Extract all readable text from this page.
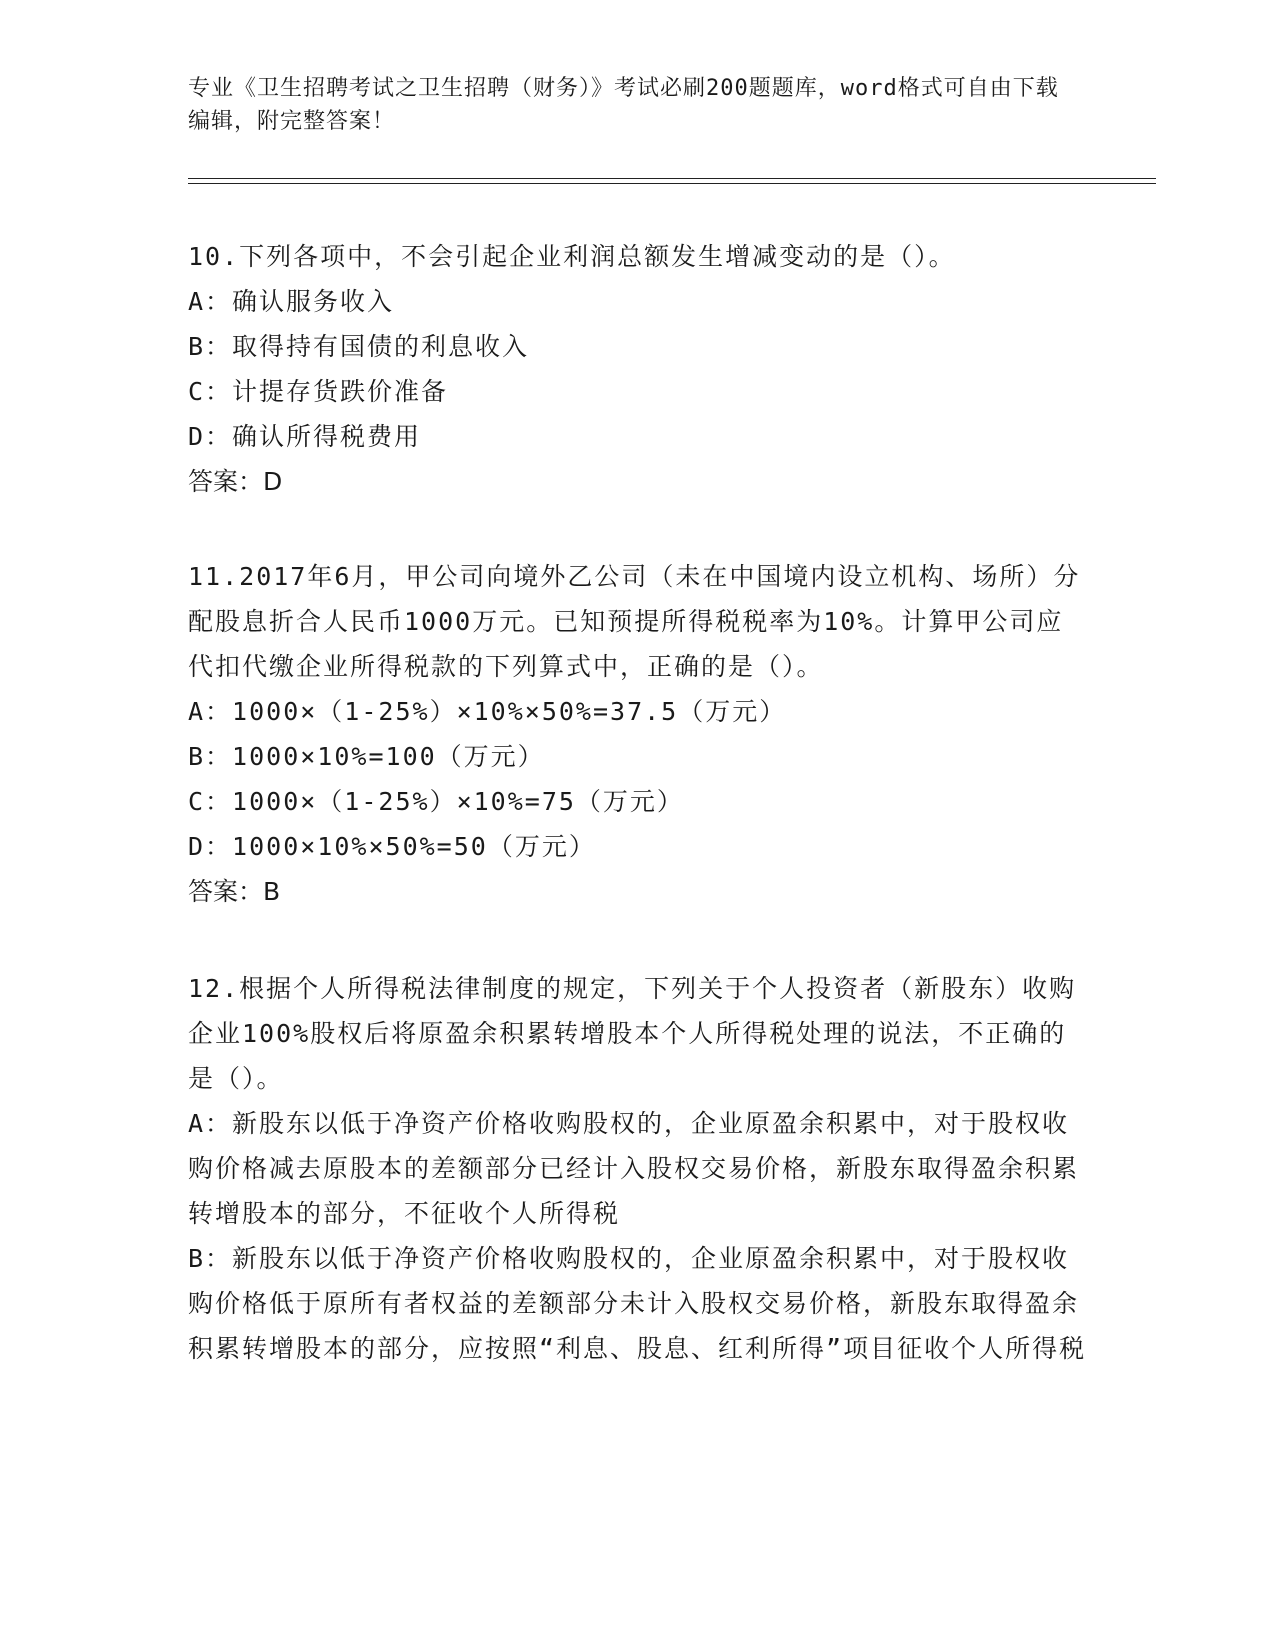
专业《卫生招聘考试之卫生招聘（财务）》考试必刷200题题库，word格式可自由下载编辑，附完整答案！

10.下列各项中，不会引起企业利润总额发生增减变动的是（）。

A：确认服务收入

B：取得持有国债的利息收入

C：计提存货跌价准备

D：确认所得税费用

答案：D

11.2017年6月，甲公司向境外乙公司（未在中国境内设立机构、场所）分配股息折合人民币1000万元。已知预提所得税税率为10%。计算甲公司应代扣代缴企业所得税款的下列算式中，正确的是（）。

A：1000×（1-25%）×10%×50%=37.5（万元）

B：1000×10%=100（万元）

C：1000×（1-25%）×10%=75（万元）

D：1000×10%×50%=50（万元）

答案：B

12.根据个人所得税法律制度的规定，下列关于个人投资者（新股东）收购企业100%股权后将原盈余积累转增股本个人所得税处理的说法，不正确的是（）。

A：新股东以低于净资产价格收购股权的，企业原盈余积累中，对于股权收购价格减去原股本的差额部分已经计入股权交易价格，新股东取得盈余积累转增股本的部分，不征收个人所得税

B：新股东以低于净资产价格收购股权的，企业原盈余积累中，对于股权收购价格低于原所有者权益的差额部分未计入股权交易价格，新股东取得盈余积累转增股本的部分，应按照“利息、股息、红利所得”项目征收个人所得税
